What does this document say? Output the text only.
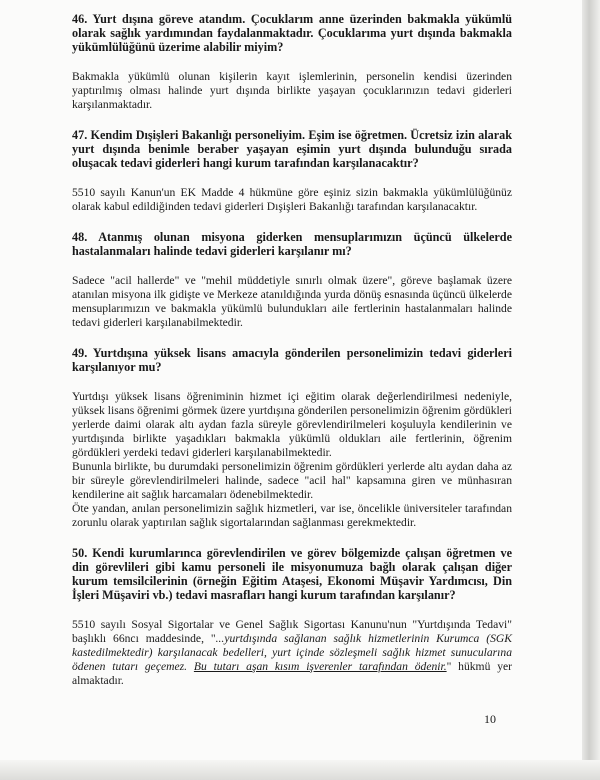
46. Yurt dışına göreve atandım. Çocuklarım anne üzerinden bakmakla yükümlü olarak sağlık yardımından faydalanmaktadır. Çocuklarıma yurt dışında bakmakla yükümlülüğünü üzerime alabilir miyim?

Bakmakla yükümlü olunan kişilerin kayıt işlemlerinin, personelin kendisi üzerinden yaptırılmış olması halinde yurt dışında birlikte yaşayan çocuklarınızın tedavi giderleri karşılanmaktadır.

47. Kendim Dışişleri Bakanlığı personeliyim. Eşim ise öğretmen. Ücretsiz izin alarak yurt dışında benimle beraber yaşayan eşimin yurt dışında bulunduğu sırada oluşacak tedavi giderleri hangi kurum tarafından karşılanacaktır?

5510 sayılı Kanun'un EK Madde 4 hükmüne göre eşiniz sizin bakmakla yükümlülüğünüz olarak kabul edildiğinden tedavi giderleri Dışişleri Bakanlığı tarafından karşılanacaktır.

48. Atanmış olunan misyona giderken mensuplarımızın üçüncü ülkelerde hastalanmaları halinde tedavi giderleri karşılanır mı?

Sadece "acil hallerde" ve "mehil müddetiyle sınırlı olmak üzere", göreve başlamak üzere atanılan misyona ilk gidişte ve Merkeze atanıldığında yurda dönüş esnasında üçüncü ülkelerde mensuplarımızın ve bakmakla yükümlü bulundukları aile fertlerinin hastalanmaları halinde tedavi giderleri karşılanabilmektedir.

49. Yurtdışına yüksek lisans amacıyla gönderilen personelimizin tedavi giderleri karşılanıyor mu?

Yurtdışı yüksek lisans öğreniminin hizmet içi eğitim olarak değerlendirilmesi nedeniyle, yüksek lisans öğrenimi görmek üzere yurtdışına gönderilen personelimizin öğrenim gördükleri yerlerde daimi olarak altı aydan fazla süreyle görevlendirilmeleri koşuluyla kendilerinin ve yurtdışında birlikte yaşadıkları bakmakla yükümlü oldukları aile fertlerinin, öğrenim gördükleri yerdeki tedavi giderleri karşılanabilmektedir.

Bununla birlikte, bu durumdaki personelimizin öğrenim gördükleri yerlerde altı aydan daha az bir süreyle görevlendirilmeleri halinde, sadece "acil hal" kapsamına giren ve münhasıran kendilerine ait sağlık harcamaları ödenebilmektedir.

Öte yandan, anılan personelimizin sağlık hizmetleri, var ise, öncelikle üniversiteler tarafından zorunlu olarak yaptırılan sağlık sigortalarından sağlanması gerekmektedir.

50. Kendi kurumlarınca görevlendirilen ve görev bölgemizde çalışan öğretmen ve din görevlileri gibi kamu personeli ile misyonumuza bağlı olarak çalışan diğer kurum temsilcilerinin (örneğin Eğitim Ataşesi, Ekonomi Müşavir Yardımcısı, Din İşleri Müşaviri vb.) tedavi masrafları hangi kurum tarafından karşılanır?

5510 sayılı Sosyal Sigortalar ve Genel Sağlık Sigortası Kanunu'nun "Yurtdışında Tedavi" başlıklı 66ncı maddesinde, "...yurtdışında sağlanan sağlık hizmetlerinin Kurumca (SGK kastedilmektedir) karşılanacak bedelleri, yurt içinde sözleşmeli sağlık hizmet sunucularına ödenen tutarı geçemez. Bu tutarı aşan kısım işverenler tarafından ödenir." hükmü yer almaktadır.

10
